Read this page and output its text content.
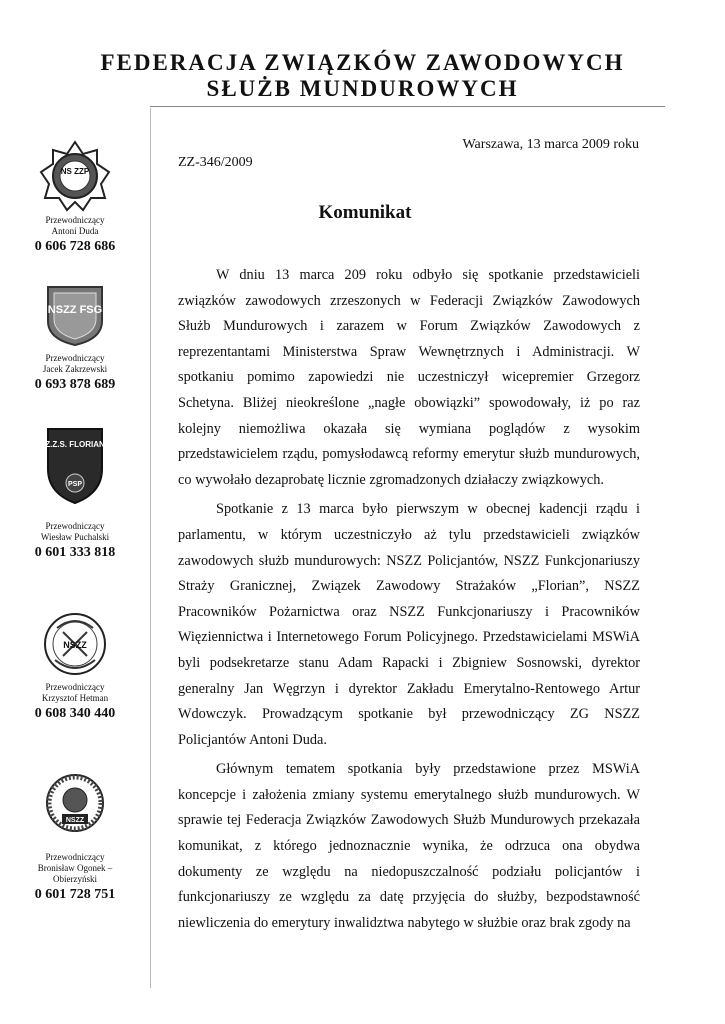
FEDERACJA ZWIĄZKÓW ZAWODOWYCH
SŁUŻB MUNDUROWYCH
NS ZZP
Przewodniczący
Antoni Duda
0 606 728 686
NSZZ FSG
Przewodniczący
Jacek Zakrzewski
0 693 878 689
Z.Z.S. FLORIAN
PSP
Przewodniczący
Wiesław Puchalski
0 601 333 818
NSZZ
Przewodniczący
Krzysztof Hetman
0 608 340 440
NSZZ
Przewodniczący
Bronisław Ogonek – Obierzyński
0 601 728 751
Warszawa, 13 marca 2009 roku
ZZ-346/2009
Komunikat

W dniu 13 marca 209 roku odbyło się spotkanie przedstawicieli związków zawodowych zrzeszonych w Federacji Związków Zawodowych Służb Mundurowych i zarazem w Forum Związków Zawodowych z reprezentantami Ministerstwa Spraw Wewnętrznych i Administracji. W spotkaniu pomimo zapowiedzi nie uczestniczył wicepremier Grzegorz Schetyna. Bliżej nieokreślone „nagłe obowiązki” spowodowały, iż po raz kolejny niemożliwa okazała się wymiana poglądów z wysokim przedstawicielem rządu, pomysłodawcą reformy emerytur służb mundurowych, co wywołało dezaprobatę licznie zgromadzonych działaczy związkowych.

Spotkanie z 13 marca było pierwszym w obecnej kadencji rządu i parlamentu, w którym uczestniczyło aż tylu przedstawicieli związków zawodowych służb mundurowych: NSZZ Policjantów, NSZZ Funkcjonariuszy Straży Granicznej, Związek Zawodowy Strażaków „Florian”, NSZZ Pracowników Pożarnictwa oraz NSZZ Funkcjonariuszy i Pracowników Więziennictwa i Internetowego Forum Policyjnego. Przedstawicielami MSWiA byli podsekretarze stanu Adam Rapacki i Zbigniew Sosnowski, dyrektor generalny Jan Węgrzyn i dyrektor Zakładu Emerytalno-Rentowego Artur Wdowczyk. Prowadzącym spotkanie był przewodniczący ZG NSZZ Policjantów Antoni Duda.

Głównym tematem spotkania były przedstawione przez MSWiA koncepcje i założenia zmiany systemu emerytalnego służb mundurowych. W sprawie tej Federacja Związków Zawodowych Służb Mundurowych przekazała komunikat, z którego jednoznacznie wynika, że odrzuca ona obydwa dokumenty ze względu na niedopuszczalność podziału policjantów i funkcjonariuszy ze względu za datę przyjęcia do służby, bezpodstawność niewliczenia do emerytury inwalidztwa nabytego w służbie oraz brak zgody na
